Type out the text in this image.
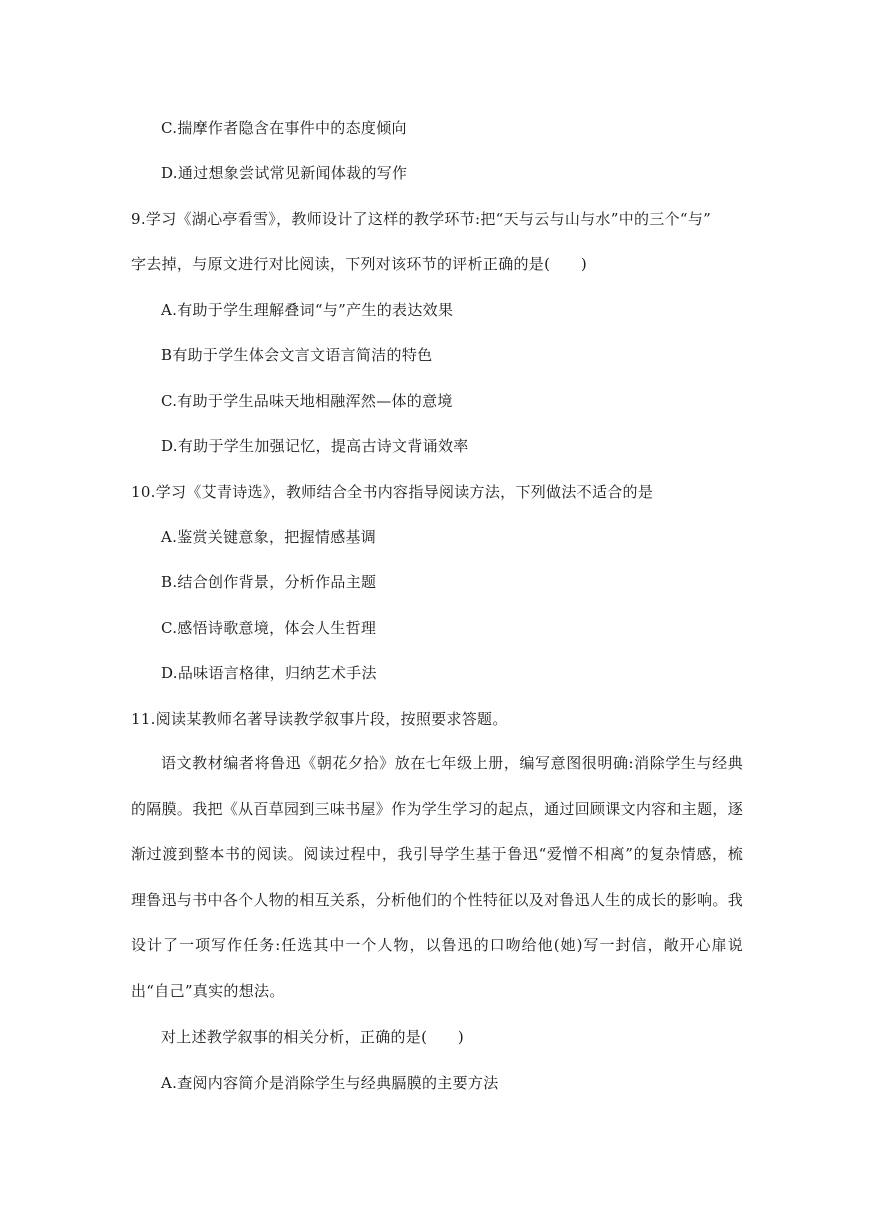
C.揣摩作者隐含在事件中的态度倾向
D.通过想象尝试常见新闻体裁的写作
9.学习《湖心亭看雪》，教师设计了这样的教学环节:把“天与云与山与水”中的三个“与”
字去掉，与原文进行对比阅读，下列对该环节的评析正确的是(　　)
A.有助于学生理解叠词“与”产生的表达效果
B有助于学生体会文言文语言简洁的特色
C.有助于学生品味天地相融浑然—体的意境
D.有助于学生加强记忆，提高古诗文背诵效率
10.学习《艾青诗选》，教师结合全书内容指导阅读方法，下列做法不适合的是
A.鉴赏关键意象，把握情感基调
B.结合创作背景，分析作品主题
C.感悟诗歌意境，体会人生哲理
D.品味语言格律，归纳艺术手法
11.阅读某教师名著导读教学叙事片段，按照要求答题。
语文教材编者将鲁迅《朝花夕拾》放在七年级上册，编写意图很明确:消除学生与经典的隔膜。我把《从百草园到三味书屋》作为学生学习的起点，通过回顾课文内容和主题，逐渐过渡到整本书的阅读。阅读过程中，我引导学生基于鲁迅“爱憎不相离”的复杂情感，梳理鲁迅与书中各个人物的相互关系，分析他们的个性特征以及对鲁迅人生的成长的影响。我设计了一项写作任务:任选其中一个人物，以鲁迅的口吻给他(她)写一封信，敞开心扉说出“自己”真实的想法。
对上述教学叙事的相关分析，正确的是(　　)
A.查阅内容简介是消除学生与经典膈膜的主要方法
